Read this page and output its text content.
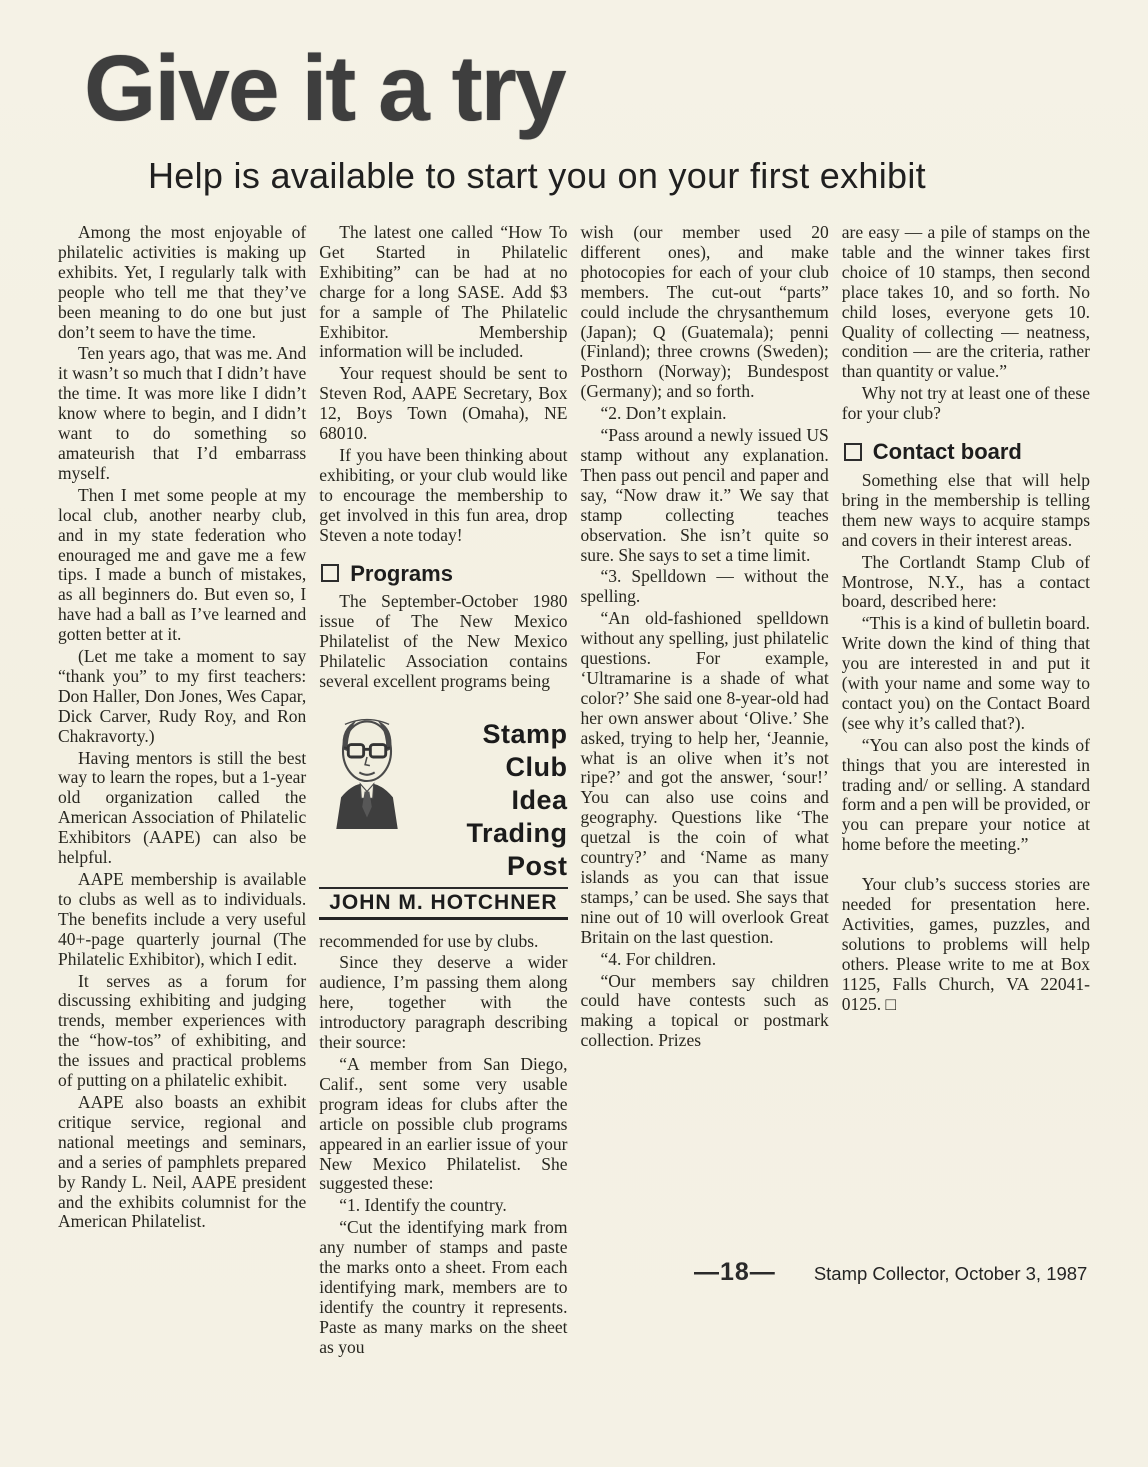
Give it a try
Help is available to start you on your first exhibit

Among the most enjoyable of philatelic activities is making up exhibits. Yet, I regularly talk with people who tell me that they’ve been meaning to do one but just don’t seem to have the time.

Ten years ago, that was me. And it wasn’t so much that I didn’t have the time. It was more like I didn’t know where to begin, and I didn’t want to do something so amateurish that I’d embarrass myself.

Then I met some people at my local club, another nearby club, and in my state federation who enouraged me and gave me a few tips. I made a bunch of mistakes, as all beginners do. But even so, I have had a ball as I’ve learned and gotten better at it.

(Let me take a moment to say “thank you” to my first teachers: Don Haller, Don Jones, Wes Capar, Dick Carver, Rudy Roy, and Ron Chakravorty.)

Having mentors is still the best way to learn the ropes, but a 1-year old organization called the American Association of Philatelic Exhibitors (AAPE) can also be helpful.

AAPE membership is available to clubs as well as to individuals. The benefits include a very useful 40+-page quarterly journal (The Philatelic Exhibitor), which I edit.

It serves as a forum for discussing exhibiting and judging trends, member experiences with the “how-tos” of exhibiting, and the issues and practical problems of putting on a philatelic exhibit.

AAPE also boasts an exhibit critique service, regional and national meetings and seminars, and a series of pamphlets prepared by Randy L. Neil, AAPE president and the exhibits columnist for the American Philatelist.

The latest one called “How To Get Started in Philatelic Exhibiting” can be had at no charge for a long SASE. Add $3 for a sample of The Philatelic Exhibitor. Membership information will be included.

Your request should be sent to Steven Rod, AAPE Secretary, Box 12, Boys Town (Omaha), NE 68010.

If you have been thinking about exhibiting, or your club would like to encourage the membership to get involved in this fun area, drop Steven a note today!

Programs

The September-October 1980 issue of The New Mexico Philatelist of the New Mexico Philatelic Association contains several excellent programs being

Stamp Club
Idea
Trading
Post
JOHN M. HOTCHNER

recommended for use by clubs.

Since they deserve a wider audience, I’m passing them along here, together with the introductory paragraph describing their source:

“A member from San Diego, Calif., sent some very usable program ideas for clubs after the article on possible club programs appeared in an earlier issue of your New Mexico Philatelist. She suggested these:

“1. Identify the country.

“Cut the identifying mark from any number of stamps and paste the marks onto a sheet. From each identifying mark, members are to identify the country it represents. Paste as many marks on the sheet as you

wish (our member used 20 different ones), and make photocopies for each of your club members. The cut-out “parts” could include the chrysanthemum (Japan); Q (Guatemala); penni (Finland); three crowns (Sweden); Posthorn (Norway); Bundespost (Germany); and so forth.

“2. Don’t explain.

“Pass around a newly issued US stamp without any explanation. Then pass out pencil and paper and say, “Now draw it.” We say that stamp collecting teaches observation. She isn’t quite so sure. She says to set a time limit.

“3. Spelldown — without the spelling.

“An old-fashioned spelldown without any spelling, just philatelic questions. For example, ‘Ultramarine is a shade of what color?’ She said one 8-year-old had her own answer about ‘Olive.’ She asked, trying to help her, ‘Jeannie, what is an olive when it’s not ripe?’ and got the answer, ‘sour!’ You can also use coins and geography. Questions like ‘The quetzal is the coin of what country?’ and ‘Name as many islands as you can that issue stamps,’ can be used. She says that nine out of 10 will overlook Great Britain on the last question.

“4. For children.

“Our members say children could have contests such as making a topical or postmark collection. Prizes

are easy — a pile of stamps on the table and the winner takes first choice of 10 stamps, then second place takes 10, and so forth. No child loses, everyone gets 10. Quality of collecting — neatness, condition — are the criteria, rather than quantity or value.”

Why not try at least one of these for your club?

Contact board

Something else that will help bring in the membership is telling them new ways to acquire stamps and covers in their interest areas.

The Cortlandt Stamp Club of Montrose, N.Y., has a contact board, described here:

“This is a kind of bulletin board. Write down the kind of thing that you are interested in and put it (with your name and some way to contact you) on the Contact Board (see why it’s called that?).

“You can also post the kinds of things that you are interested in trading and/ or selling. A standard form and a pen will be provided, or you can prepare your notice at home before the meeting.”

Your club’s success stories are needed for presentation here. Activities, games, puzzles, and solutions to problems will help others. Please write to me at Box 1125, Falls Church, VA 22041-0125. □

—18— Stamp Collector, October 3, 1987
